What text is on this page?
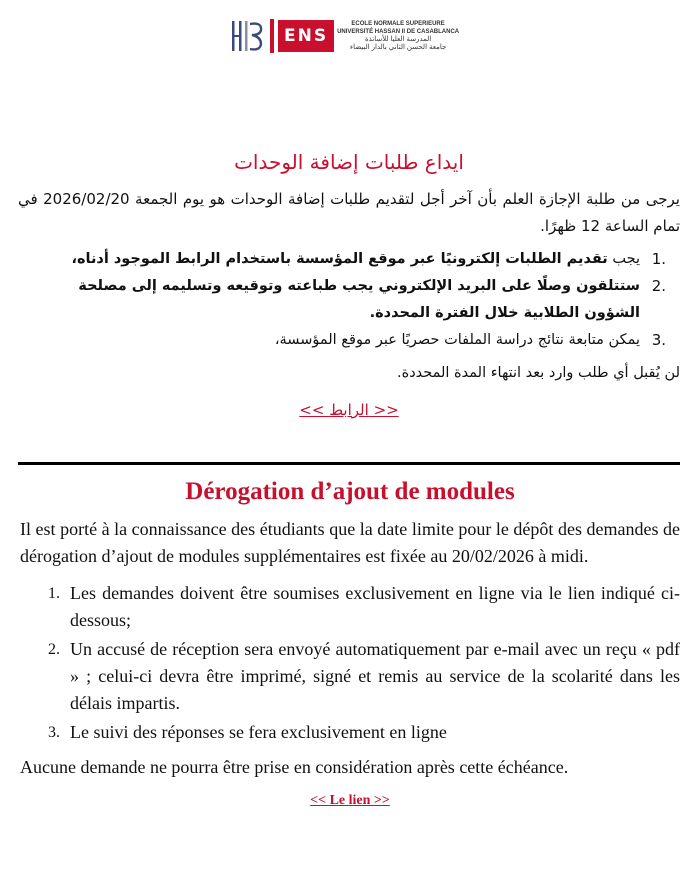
ENS
ECOLE NORMALE SUPERIEURE
UNIVERSITÉ HASSAN II DE CASABLANCA
المدرسة العليا للأساتذة
جامعة الحسن الثاني بالدار البيضاء
ايداع طلبات إضافة الوحدات

يرجى من طلبة الإجازة العلم بأن آخر أجل لتقديم طلبات إضافة الوحدات هو يوم الجمعة 2026/02/20 في تمام الساعة 12 ظهرًا.

1.
يجب تقديم الطلبات إلكترونيًا عبر موقع المؤسسة باستخدام الرابط الموجود أدناه،
2.
ستتلقون وصلًا على البريد الإلكتروني يجب طباعته وتوقيعه وتسليمه إلى مصلحة الشؤون الطلابية خلال الفترة المحددة.
3.
يمكن متابعة نتائج دراسة الملفات حصريًا عبر موقع المؤسسة،

لن يُقبل أي طلب وارد بعد انتهاء المدة المحددة.

<< الرابط >>
Dérogation d’ajout de modules

Il est porté à la connaissance des étudiants que la date limite pour le dépôt des demandes de dérogation d’ajout de modules supplémentaires est fixée au 20/02/2026 à midi.

1. Les demandes doivent être soumises exclusivement en ligne via le lien indiqué ci-dessous;
2. Un accusé de réception sera envoyé automatiquement par e-mail avec un reçu « pdf » ; celui-ci devra être imprimé, signé et remis au service de la scolarité dans les délais impartis.
3. Le suivi des réponses se fera exclusivement en ligne

Aucune demande ne pourra être prise en considération après cette échéance.

<< Le lien >>
